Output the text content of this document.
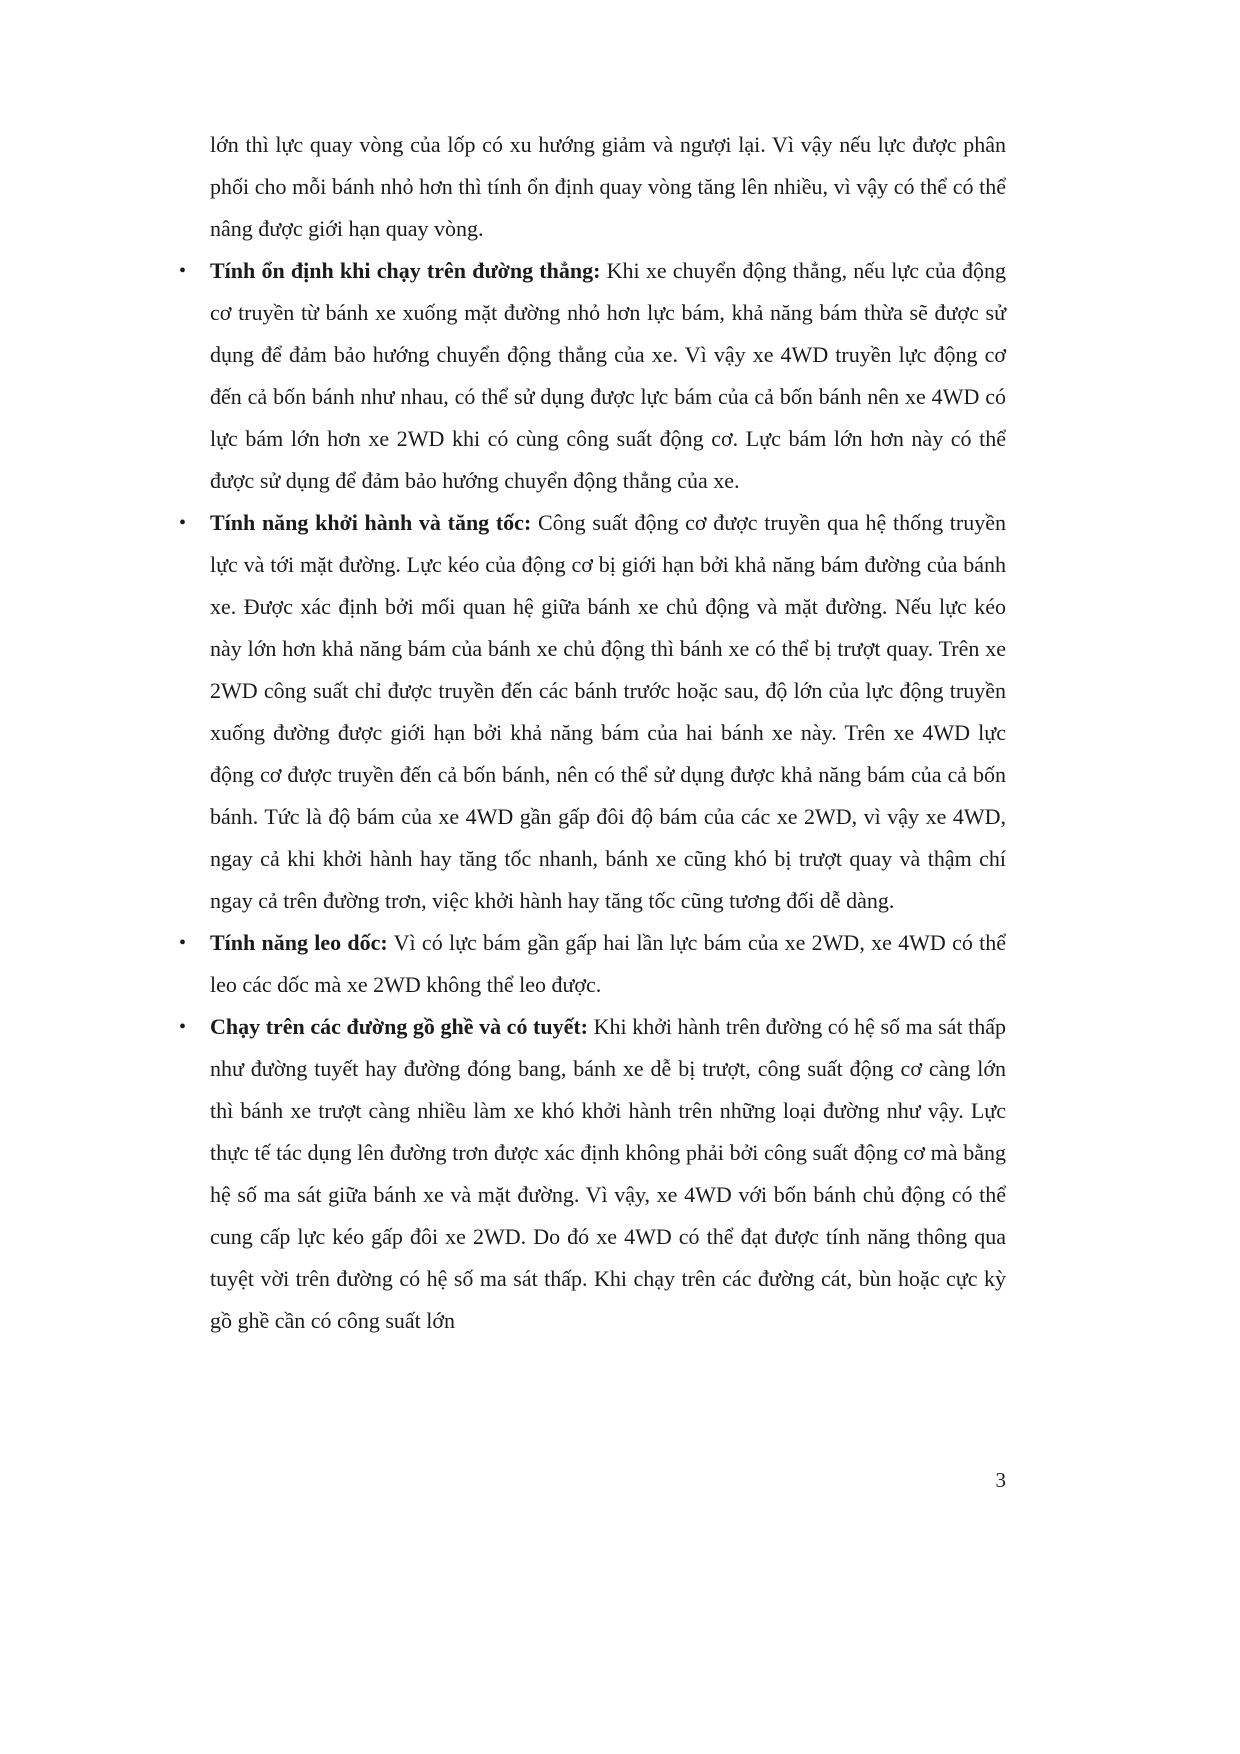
lớn thì lực quay vòng của lốp có xu hướng giảm và ngượi lại. Vì vậy nếu lực được phân phối cho mỗi bánh nhỏ hơn thì tính ổn định quay vòng tăng lên nhiều, vì vậy có thể có thể nâng được giới hạn quay vòng.

•	Tính ổn định khi chạy trên đường thẳng: Khi xe chuyển động thẳng, nếu lực của động cơ truyền từ bánh xe xuống mặt đường nhỏ hơn lực bám, khả năng bám thừa sẽ được sử dụng để đảm bảo hướng chuyển động thẳng của xe. Vì vậy xe 4WD truyền lực động cơ đến cả bốn bánh như nhau, có thể sử dụng được lực bám của cả bốn bánh nên xe 4WD có lực bám lớn hơn xe 2WD khi có cùng công suất động cơ. Lực bám lớn hơn này có thể được sử dụng để đảm bảo hướng chuyển động thẳng của xe.
•	Tính năng khởi hành và tăng tốc: Công suất động cơ được truyền qua hệ thống truyền lực và tới mặt đường. Lực kéo của động cơ bị giới hạn bởi khả năng bám đường của bánh xe. Được xác định bởi mối quan hệ giữa bánh xe chủ động và mặt đường. Nếu lực kéo này lớn hơn khả năng bám của bánh xe chủ động thì bánh xe có thể bị trượt quay. Trên xe 2WD công suất chỉ được truyền đến các bánh trước hoặc sau, độ lớn của lực động truyền xuống đường được giới hạn bởi khả năng bám của hai bánh xe này. Trên xe 4WD lực động cơ được truyền đến cả bốn bánh, nên có thể sử dụng được khả năng bám của cả bốn bánh. Tức là độ bám của xe 4WD gần gấp đôi độ bám của các xe 2WD, vì vậy xe 4WD, ngay cả khi khởi hành hay tăng tốc nhanh, bánh xe cũng khó bị trượt quay và thậm chí ngay cả trên đường trơn, việc khởi hành hay tăng tốc cũng tương đối dễ dàng.
•	Tính năng leo dốc: Vì có lực bám gần gấp hai lần lực bám của xe 2WD, xe 4WD có thể leo các dốc mà xe 2WD không thể leo được.
•	Chạy trên các đường gồ ghề và có tuyết: Khi khởi hành trên đường có hệ số ma sát thấp như đường tuyết hay đường đóng bang, bánh xe dễ bị trượt, công suất động cơ càng lớn thì bánh xe trượt càng nhiều làm xe khó khởi hành trên những loại đường như vậy. Lực thực tế tác dụng lên đường trơn được xác định không phải bởi công suất động cơ mà bằng hệ số ma sát giữa bánh xe và mặt đường. Vì vậy, xe 4WD với bốn bánh chủ động có thể cung cấp lực kéo gấp đôi xe 2WD. Do đó xe 4WD có thể đạt được tính năng thông qua tuyệt vời trên đường có hệ số ma sát thấp. Khi chạy trên các đường cát, bùn hoặc cực kỳ gồ ghề cần có công suất lớn
3
